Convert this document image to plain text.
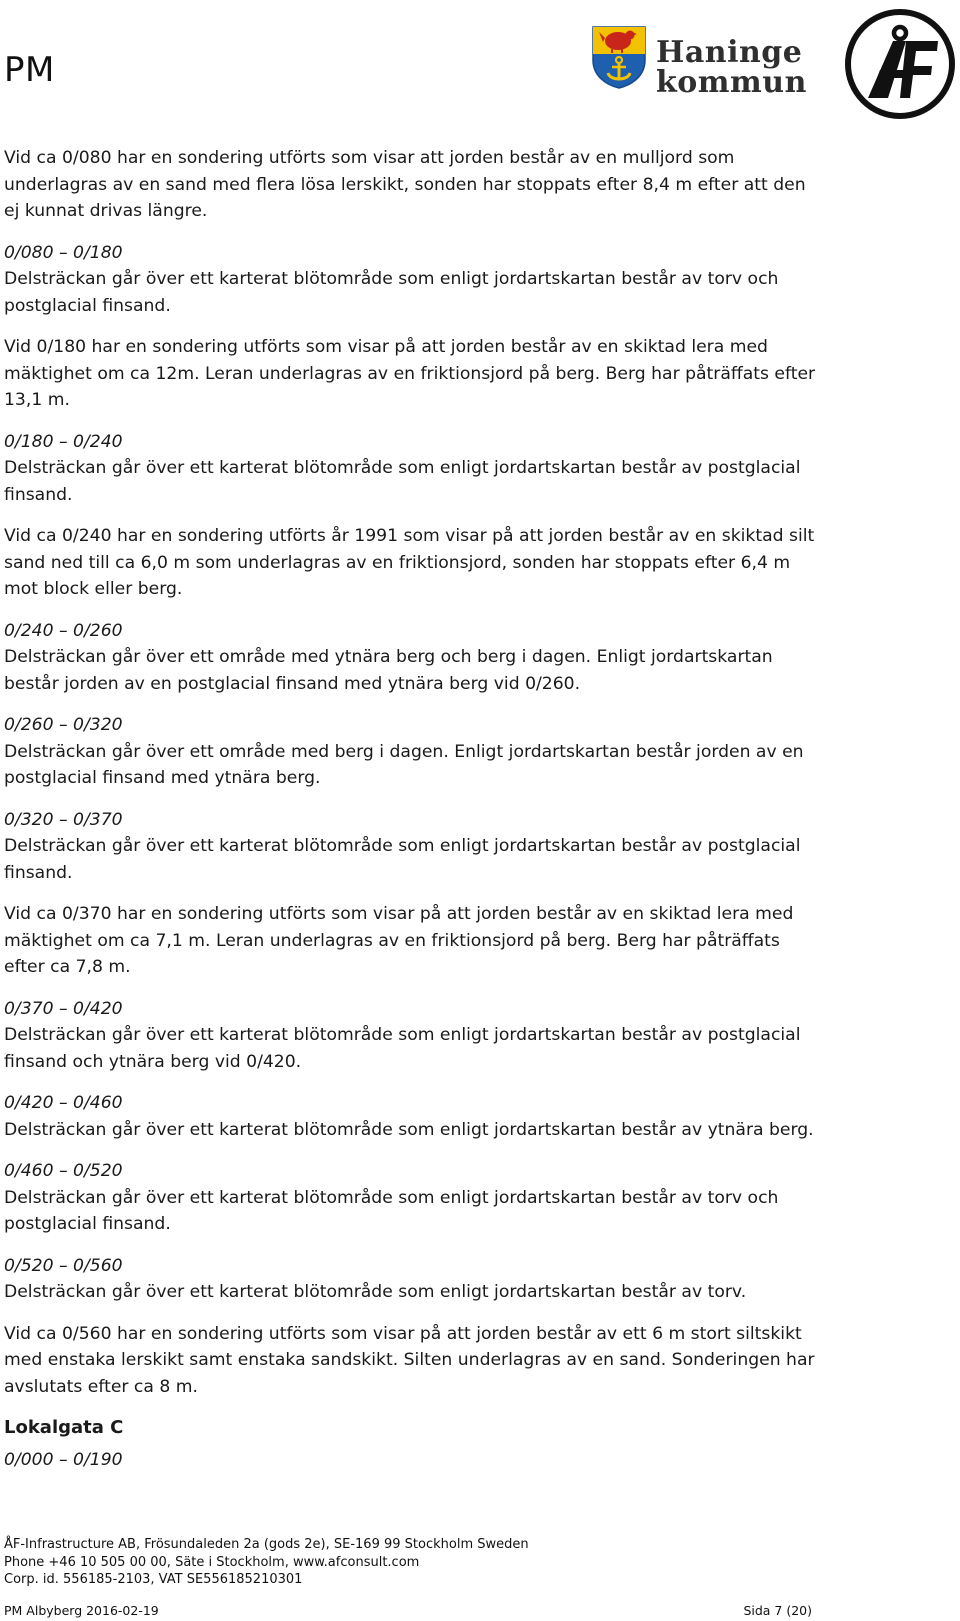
PM	Haninge
kommun

Vid ca 0/080 har en sondering utförts som visar att jorden består av en mulljord som underlagras av en sand med flera lösa lerskikt, sonden har stoppats efter 8,4 m efter att den ej kunnat drivas längre.

0/080 – 0/180

Delsträckan går över ett karterat blötområde som enligt jordartskartan består av torv och postglacial finsand.

Vid 0/180 har en sondering utförts som visar på att jorden består av en skiktad lera med mäktighet om ca 12m. Leran underlagras av en friktionsjord på berg. Berg har påträffats efter 13,1 m.

0/180 – 0/240

Delsträckan går över ett karterat blötområde som enligt jordartskartan består av postglacial finsand.

Vid ca 0/240 har en sondering utförts år 1991 som visar på att jorden består av en skiktad silt sand ned till ca 6,0 m som underlagras av en friktionsjord, sonden har stoppats efter 6,4 m mot block eller berg.

0/240 – 0/260

Delsträckan går över ett område med ytnära berg och berg i dagen. Enligt jordartskartan består jorden av en postglacial finsand med ytnära berg vid 0/260.

0/260 – 0/320

Delsträckan går över ett område med berg i dagen. Enligt jordartskartan består jorden av en postglacial finsand med ytnära berg.

0/320 – 0/370

Delsträckan går över ett karterat blötområde som enligt jordartskartan består av postglacial finsand.

Vid ca 0/370 har en sondering utförts som visar på att jorden består av en skiktad lera med mäktighet om ca 7,1 m. Leran underlagras av en friktionsjord på berg. Berg har påträffats efter ca 7,8 m.

0/370 – 0/420

Delsträckan går över ett karterat blötområde som enligt jordartskartan består av postglacial finsand och ytnära berg vid 0/420.

0/420 – 0/460

Delsträckan går över ett karterat blötområde som enligt jordartskartan består av ytnära berg.

0/460 – 0/520

Delsträckan går över ett karterat blötområde som enligt jordartskartan består av torv och postglacial finsand.

0/520 – 0/560

Delsträckan går över ett karterat blötområde som enligt jordartskartan består av torv.

Vid ca 0/560 har en sondering utförts som visar på att jorden består av ett 6 m stort siltskikt med enstaka lerskikt samt enstaka sandskikt. Silten underlagras av en sand. Sonderingen har avslutats efter ca 8 m.

Lokalgata C

0/000 – 0/190

ÅF-Infrastructure AB, Frösundaleden 2a (gods 2e), SE-169 99 Stockholm Sweden
Phone +46 10 505 00 00, Säte i Stockholm, www.afconsult.com
Corp. id. 556185-2103, VAT SE556185210301
PM Albyberg 2016-02-19	Sida 7 (20)
